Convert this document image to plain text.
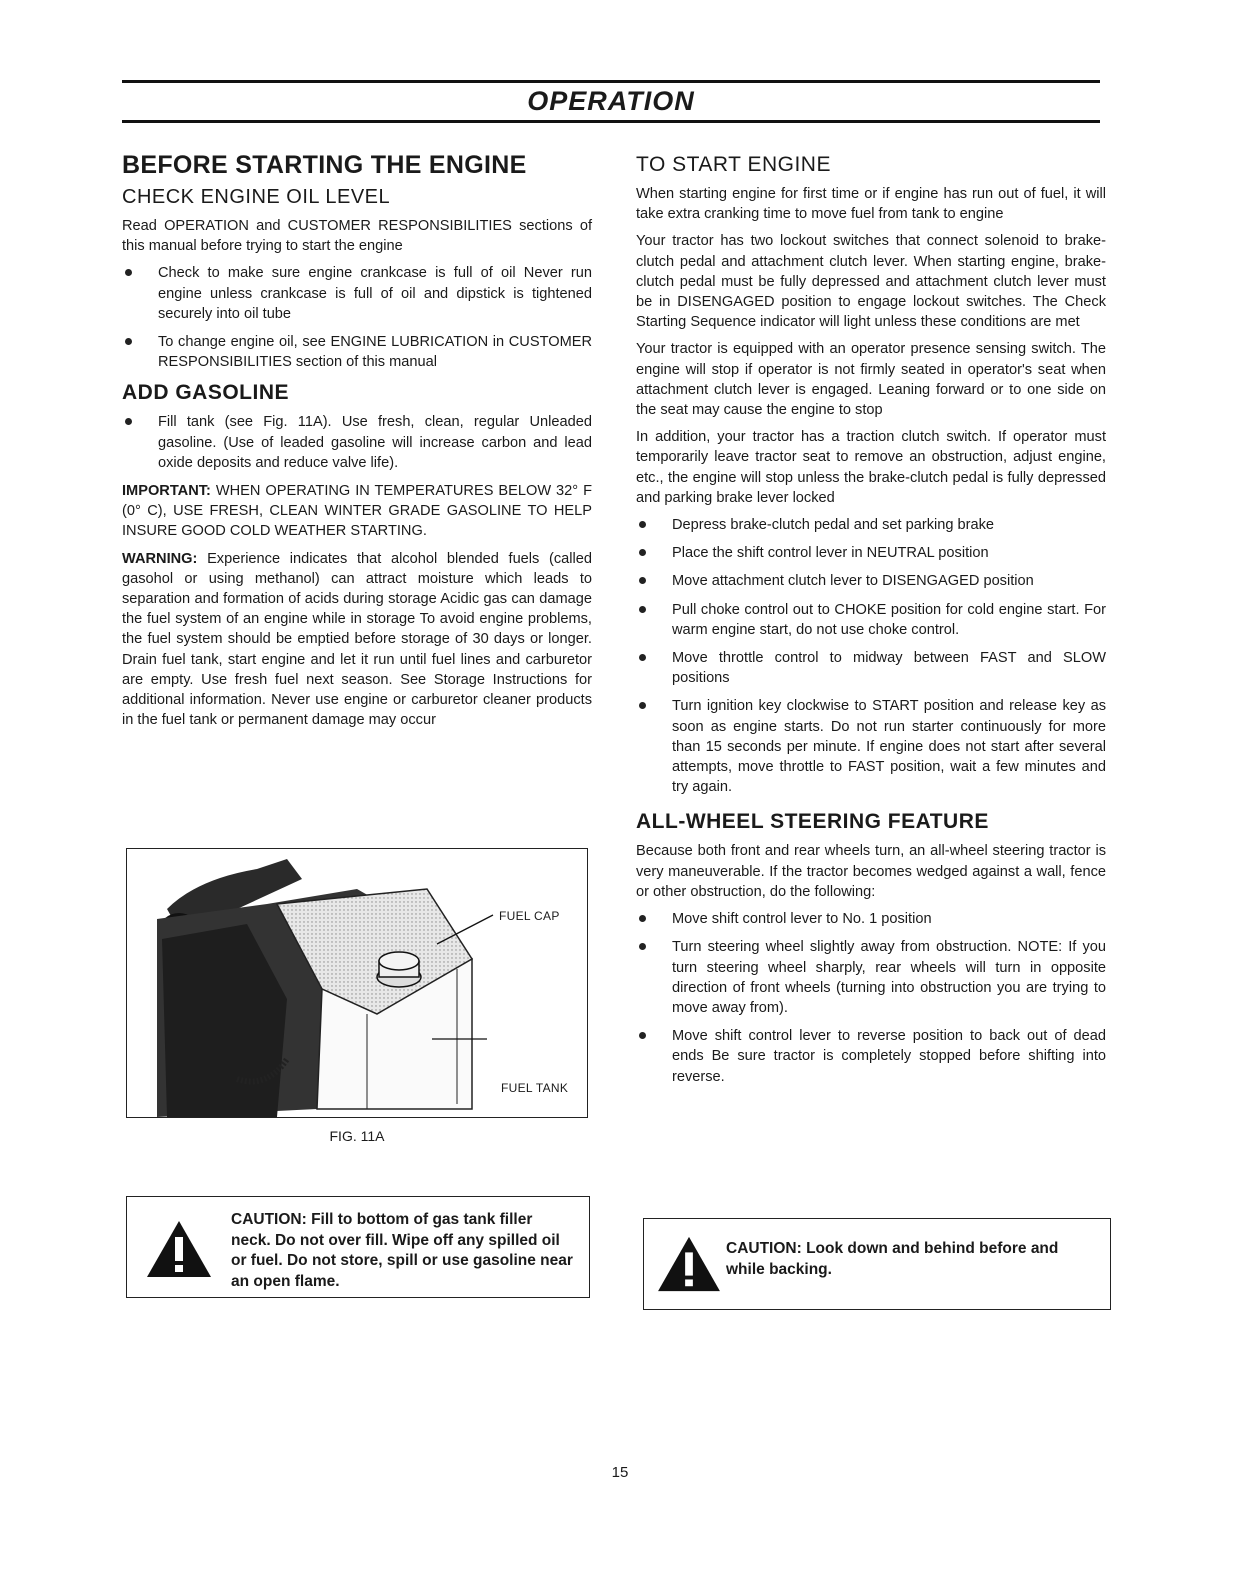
OPERATION
BEFORE STARTING THE ENGINE
CHECK ENGINE OIL LEVEL

Read OPERATION and CUSTOMER RESPONSIBILITIES sections of this manual before trying to start the engine

Check to make sure engine crankcase is full of oil Never run engine unless crankcase is full of oil and dipstick is tightened securely into oil tube
To change engine oil, see ENGINE LUBRICATION in CUSTOMER RESPONSIBILITIES section of this manual
ADD GASOLINE
Fill tank (see Fig. 11A). Use fresh, clean, regular Unleaded gasoline. (Use of leaded gasoline will increase carbon and lead oxide deposits and reduce valve life).

IMPORTANT: WHEN OPERATING IN TEMPERATURES BELOW 32° F (0° C), USE FRESH, CLEAN WINTER GRADE GASOLINE TO HELP INSURE GOOD COLD WEATHER STARTING.

WARNING: Experience indicates that alcohol blended fuels (called gasohol or using methanol) can attract moisture which leads to separation and formation of acids during storage Acidic gas can damage the fuel system of an engine while in storage To avoid engine problems, the fuel system should be emptied before storage of 30 days or longer. Drain fuel tank, start engine and let it run until fuel lines and carburetor are empty. Use fresh fuel next season. See Storage Instructions for additional information. Never use engine or carburetor cleaner products in the fuel tank or permanent damage may occur

FUEL CAP
FUEL TANK
FIG. 11A
CAUTION: Fill to bottom of gas tank filler neck. Do not over fill. Wipe off any spilled oil or fuel. Do not store, spill or use gasoline near an open flame.
TO START ENGINE

When starting engine for first time or if engine has run out of fuel, it will take extra cranking time to move fuel from tank to engine

Your tractor has two lockout switches that connect solenoid to brake-clutch pedal and attachment clutch lever. When starting engine, brake-clutch pedal must be fully depressed and attachment clutch lever must be in DISENGAGED position to engage lockout switches. The Check Starting Sequence indicator will light unless these conditions are met

Your tractor is equipped with an operator presence sensing switch. The engine will stop if operator is not firmly seated in operator's seat when attachment clutch lever is engaged. Leaning forward or to one side on the seat may cause the engine to stop

In addition, your tractor has a traction clutch switch. If operator must temporarily leave tractor seat to remove an obstruction, adjust engine, etc., the engine will stop unless the brake-clutch pedal is fully depressed and parking brake lever locked

Depress brake-clutch pedal and set parking brake
Place the shift control lever in NEUTRAL position
Move attachment clutch lever to DISENGAGED position
Pull choke control out to CHOKE position for cold engine start. For warm engine start, do not use choke control.
Move throttle control to midway between FAST and SLOW positions
Turn ignition key clockwise to START position and release key as soon as engine starts. Do not run starter continuously for more than 15 seconds per minute. If engine does not start after several attempts, move throttle to FAST position, wait a few minutes and try again.
ALL-WHEEL STEERING FEATURE

Because both front and rear wheels turn, an all-wheel steering tractor is very maneuverable. If the tractor becomes wedged against a wall, fence or other obstruction, do the following:

Move shift control lever to No. 1 position
Turn steering wheel slightly away from obstruction. NOTE: If you turn steering wheel sharply, rear wheels will turn in opposite direction of front wheels (turning into obstruction you are trying to move away from).
Move shift control lever to reverse position to back out of dead ends Be sure tractor is completely stopped before shifting into reverse.
CAUTION: Look down and behind before and while backing.
15
